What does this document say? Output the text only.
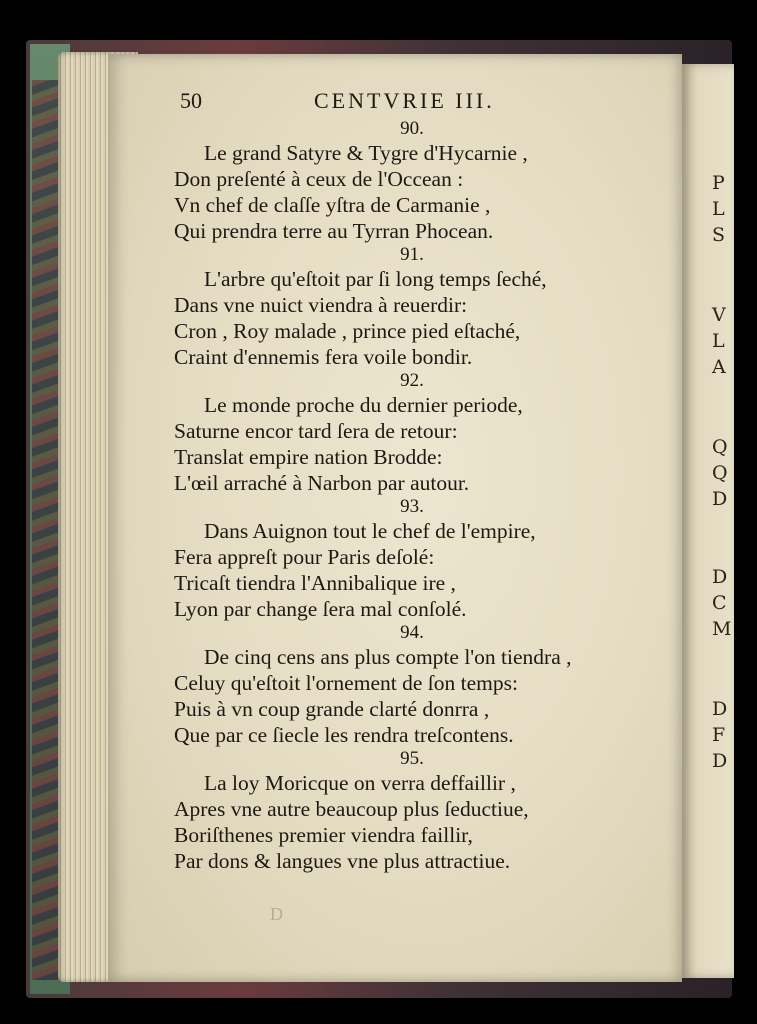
P
L
S
V
L
A
Q
Q
D
D
C
M
D
F
D
50	CENTVRIE III.
90.
Le grand Satyre & Tygre d'Hycarnie ,
Don preſenté à ceux de l'Occean :
Vn chef de claſſe yſtra de Carmanie ,
Qui prendra terre au Tyrran Phocean.
91.
L'arbre qu'eſtoit par ſi long temps ſeché,
Dans vne nuict viendra à reuerdir:
Cron , Roy malade , prince pied eſtaché,
Craint d'ennemis fera voile bondir.
92.
Le monde proche du dernier periode,
Saturne encor tard ſera de retour:
Translat empire nation Brodde:
L'œil arraché à Narbon par autour.
93.
Dans Auignon tout le chef de l'empire,
Fera appreſt pour Paris deſolé:
Tricaſt tiendra l'Annibalique ire ,
Lyon par change ſera mal conſolé.
94.
De cinq cens ans plus compte l'on tiendra ,
Celuy qu'eſtoit l'ornement de ſon temps:
Puis à vn coup grande clarté donrra ,
Que par ce ſiecle les rendra treſcontens.
95.
La loy Moricque on verra deffaillir ,
Apres vne autre beaucoup plus ſeductiue,
Boriſthenes premier viendra faillir,
Par dons & langues vne plus attractiue.
D
